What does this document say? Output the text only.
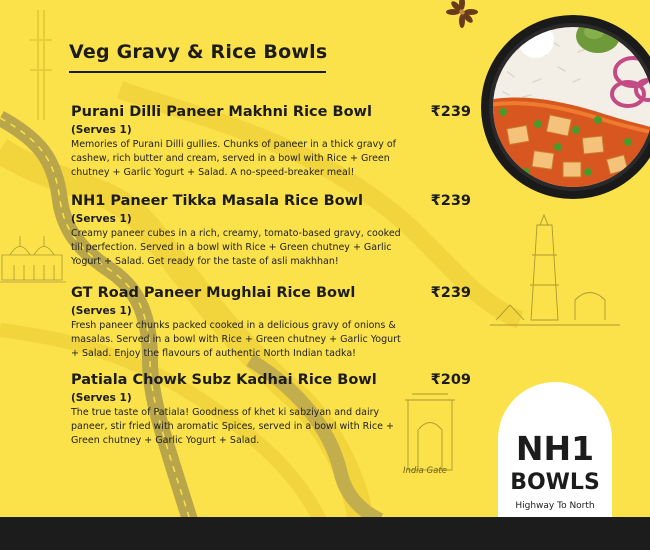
India Gate
Veg Gravy & Rice Bowls
Purani Dilli Paneer Makhni Rice Bowl	₹239
(Serves 1)
Memories of Purani Dilli gullies. Chunks of paneer in a thick gravy of cashew, rich butter and cream, served in a bowl with Rice + Green chutney + Garlic Yogurt + Salad. A no-speed-breaker meal!
NH1 Paneer Tikka Masala Rice Bowl	₹239
(Serves 1)
Creamy paneer cubes in a rich, creamy, tomato-based gravy, cooked till perfection. Served in a bowl with Rice + Green chutney + Garlic Yogurt + Salad. Get ready for the taste of asli makhhan!
GT Road Paneer Mughlai Rice Bowl	₹239
(Serves 1)
Fresh paneer chunks packed cooked in a delicious gravy of onions & masalas. Served in a bowl with Rice + Green chutney + Garlic Yogurt + Salad. Enjoy the flavours of authentic North Indian tadka!
Patiala Chowk Subz Kadhai Rice Bowl	₹209
(Serves 1)
The true taste of Patiala! Goodness of khet ki sabziyan and dairy paneer, stir fried with aromatic Spices, served in a bowl with Rice + Green chutney + Garlic Yogurt + Salad.	NH1
BOWLS
Highway To North
